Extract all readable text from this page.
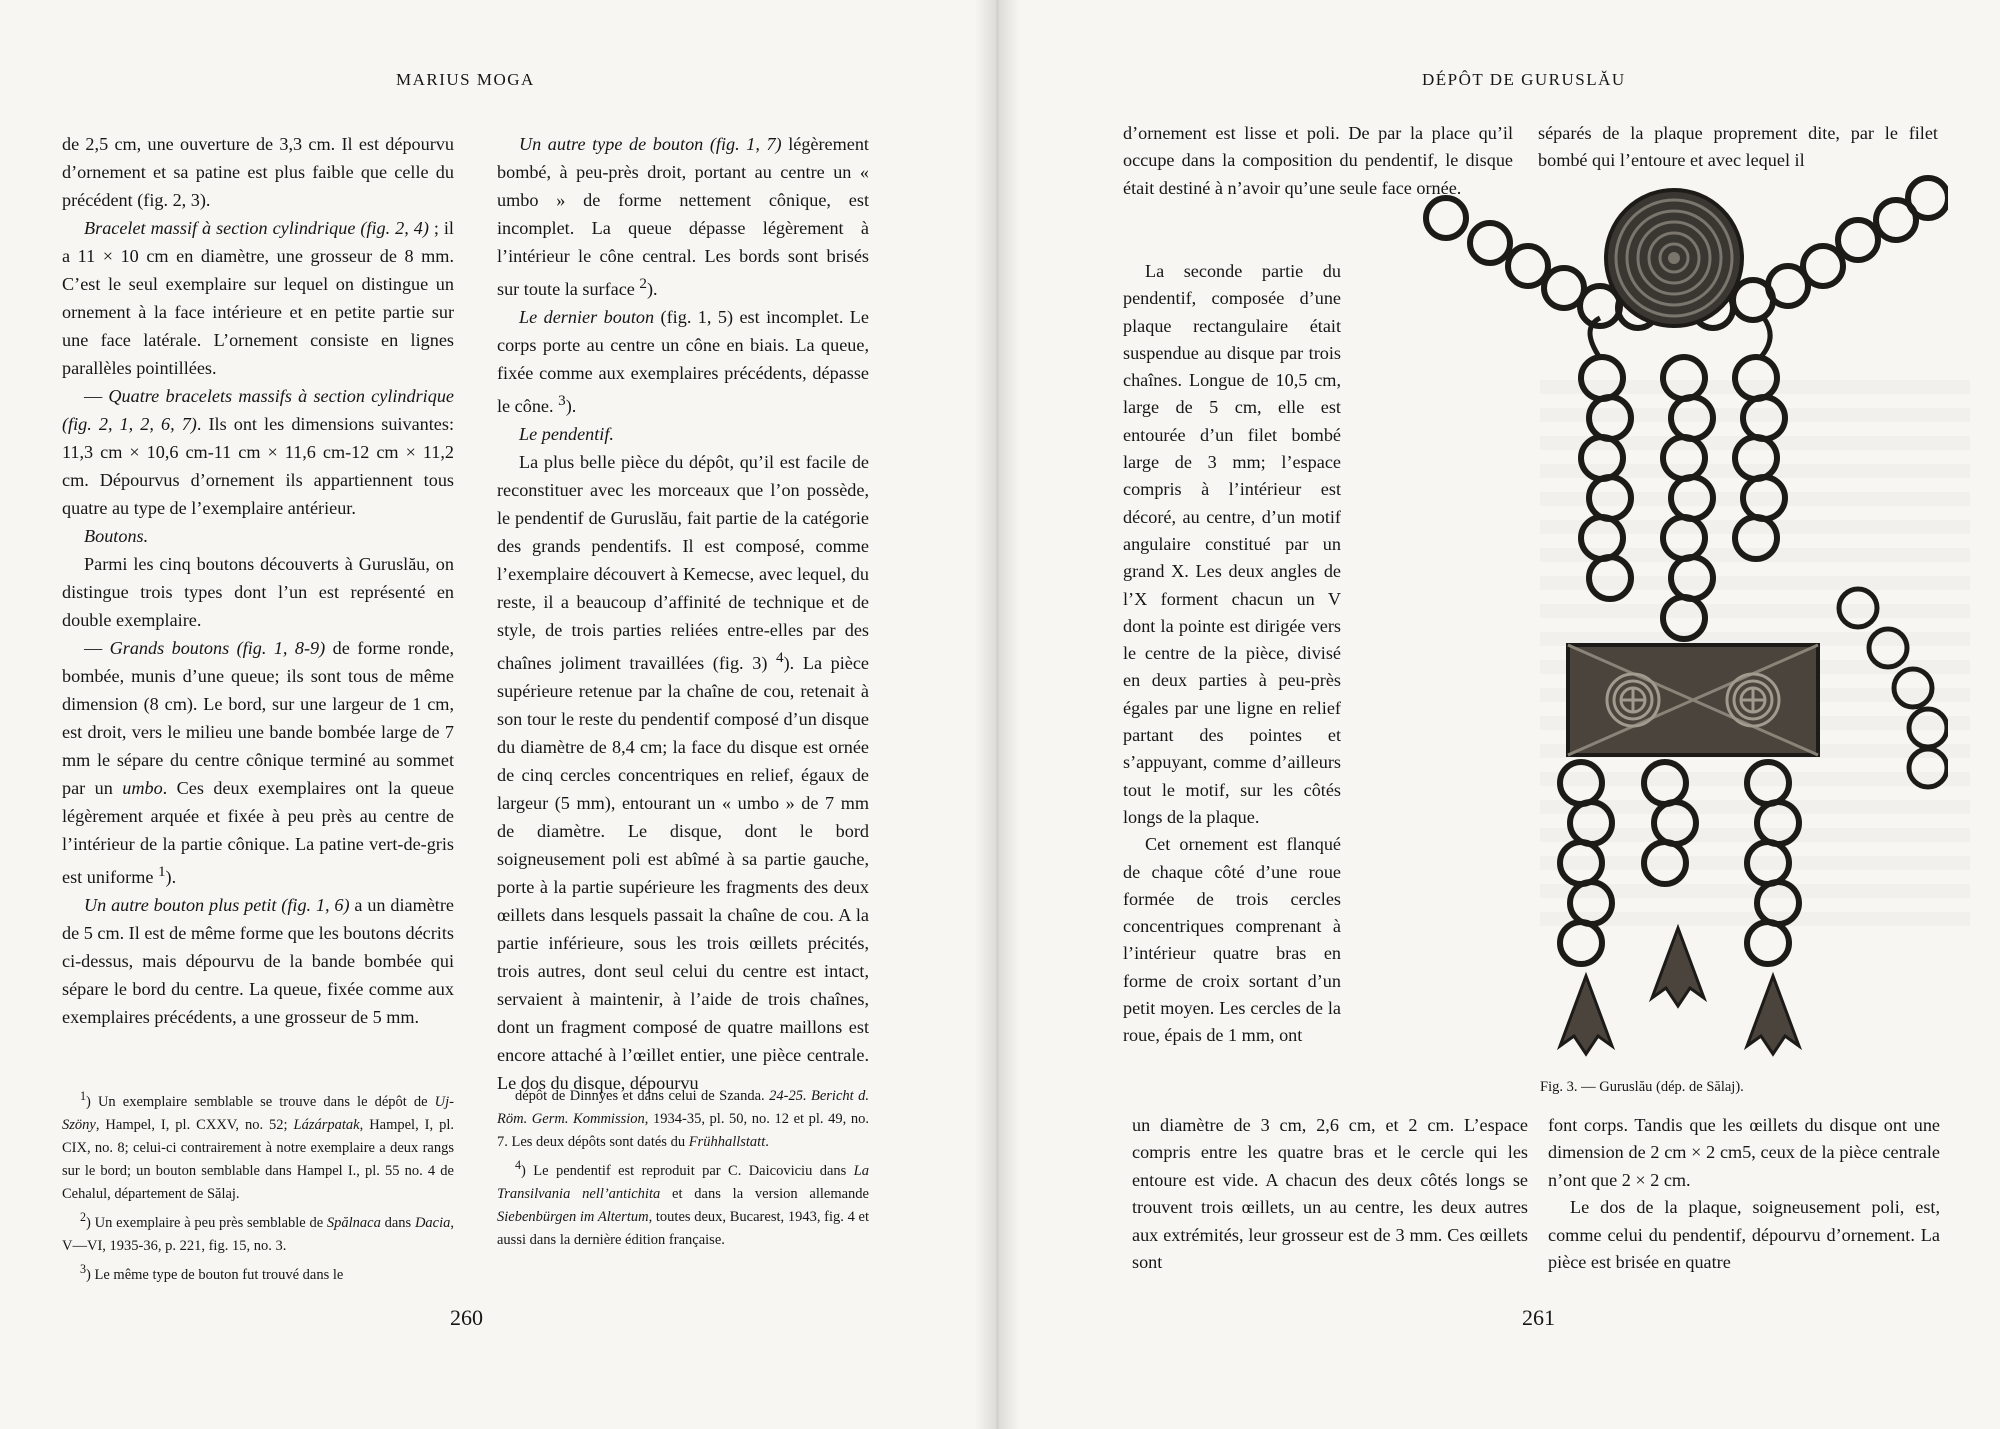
MARIUS MOGA

de 2,5 cm, une ouverture de 3,3 cm. Il est dépourvu d’ornement et sa patine est plus faible que celle du précédent (fig. 2, 3).

Bracelet massif à section cylindrique (fig. 2, 4) ; il a 11 × 10 cm en diamètre, une grosseur de 8 mm. C’est le seul exemplaire sur lequel on distingue un ornement à la face intérieure et en petite partie sur une face latérale. L’ornement consiste en lignes parallèles pointillées.

— Quatre bracelets massifs à section cylindrique (fig. 2, 1, 2, 6, 7). Ils ont les dimensions suivantes: 11,3 cm × 10,6 cm-11 cm × 11,6 cm-12 cm × 11,2 cm. Dépourvus d’ornement ils appartiennent tous quatre au type de l’exemplaire antérieur.

Boutons.

Parmi les cinq boutons découverts à Guruslău, on distingue trois types dont l’un est représenté en double exemplaire.

— Grands boutons (fig. 1, 8-9) de forme ronde, bombée, munis d’une queue; ils sont tous de même dimension (8 cm). Le bord, sur une largeur de 1 cm, est droit, vers le milieu une bande bombée large de 7 mm le sépare du centre cônique terminé au sommet par un umbo. Ces deux exemplaires ont la queue légèrement arquée et fixée à peu près au centre de l’intérieur de la partie cônique. La patine vert-de-gris est uniforme $^1$).

Un autre bouton plus petit (fig. 1, 6) a un diamètre de 5 cm. Il est de même forme que les boutons décrits ci-dessus, mais dépourvu de la bande bombée qui sépare le bord du centre. La queue, fixée comme aux exemplaires précédents, a une grosseur de 5 mm.

Un autre type de bouton (fig. 1, 7) légèrement bombé, à peu-près droit, portant au centre un « umbo » de forme nettement cônique, est incomplet. La queue dépasse légèrement à l’intérieur le cône central. Les bords sont brisés sur toute la surface $^2$).

Le dernier bouton (fig. 1, 5) est incomplet. Le corps porte au centre un cône en biais. La queue, fixée comme aux exemplaires précédents, dépasse le cône. $^3$).

Le pendentif.

La plus belle pièce du dépôt, qu’il est facile de reconstituer avec les morceaux que l’on possède, le pendentif de Guruslău, fait partie de la catégorie des grands pendentifs. Il est composé, comme l’exemplaire découvert à Kemecse, avec lequel, du reste, il a beaucoup d’affinité de technique et de style, de trois parties reliées entre-elles par des chaînes joliment travaillées (fig. 3) $^4$). La pièce supérieure retenue par la chaîne de cou, retenait à son tour le reste du pendentif composé d’un disque du diamètre de 8,4 cm; la face du disque est ornée de cinq cercles concentriques en relief, égaux de largeur (5 mm), entourant un « umbo » de 7 mm de diamètre. Le disque, dont le bord soigneusement poli est abîmé à sa partie gauche, porte à la partie supérieure les fragments des deux œillets dans lesquels passait la chaîne de cou. A la partie inférieure, sous les trois œillets précités, trois autres, dont seul celui du centre est intact, servaient à maintenir, à l’aide de trois chaînes, dont un fragment composé de quatre maillons est encore attaché à l’œillet entier, une pièce centrale. Le dos du disque, dépourvu

$^1$) Un exemplaire semblable se trouve dans le dépôt de Uj-Szöny, Hampel, I, pl. CXXV, no. 52; Lázárpatak, Hampel, I, pl. CIX, no. 8; celui-ci contrairement à notre exemplaire a deux rangs sur le bord; un bouton semblable dans Hampel I., pl. 55 no. 4 de Cehalul, département de Sălaj.

$^2$) Un exemplaire à peu près semblable de Spălnaca dans Dacia, V—VI, 1935-36, p. 221, fig. 15, no. 3.

$^3$) Le même type de bouton fut trouvé dans le

dépôt de Dinnyes et dans celui de Szanda. 24-25. Bericht d. Röm. Germ. Kommission, 1934-35, pl. 50, no. 12 et pl. 49, no. 7. Les deux dépôts sont datés du Frühhallstatt.

$^4$) Le pendentif est reproduit par C. Daicoviciu dans La Transilvania nell’antichita et dans la version allemande Siebenbürgen im Altertum, toutes deux, Bucarest, 1943, fig. 4 et aussi dans la dernière édition française.

260
DÉPÔT DE GURUSLĂU

d’ornement est lisse et poli. De par la place qu’il occupe dans la composition du pendentif, le disque était destiné à n’avoir qu’une seule face ornée.

La seconde partie du pendentif, composée d’une plaque rectangulaire était suspendue au disque par trois chaînes. Longue de 10,5 cm, large de 5 cm, elle est entourée d’un filet bombé large de 3 mm; l’espace compris à l’intérieur est décoré, au centre, d’un motif angulaire constitué par un grand X. Les deux angles de l’X forment chacun un V dont la pointe est dirigée vers le centre de la pièce, divisé en deux parties à peu-près égales par une ligne en relief partant des pointes et s’appuyant, comme d’ailleurs tout le motif, sur les côtés longs de la plaque.

Cet ornement est flanqué de chaque côté d’une roue formée de trois cercles concentriques comprenant à l’intérieur quatre bras en forme de croix sortant d’un petit moyen. Les cercles de la roue, épais de 1 mm, ont

un diamètre de 3 cm, 2,6 cm, et 2 cm. L’espace compris entre les quatre bras et le cercle qui les entoure est vide. A chacun des deux côtés longs se trouvent trois œillets, un au centre, les deux autres aux extrémités, leur grosseur est de 3 mm. Ces œillets sont

séparés de la plaque proprement dite, par le filet bombé qui l’entoure et avec lequel il

font corps. Tandis que les œillets du disque ont une dimension de 2 cm × 2 cm5, ceux de la pièce centrale n’ont que 2 × 2 cm.

Le dos de la plaque, soigneusement poli, est, comme celui du pendentif, dépourvu d’ornement. La pièce est brisée en quatre

Fig. 3. — Guruslău (dép. de Sălaj).
261
